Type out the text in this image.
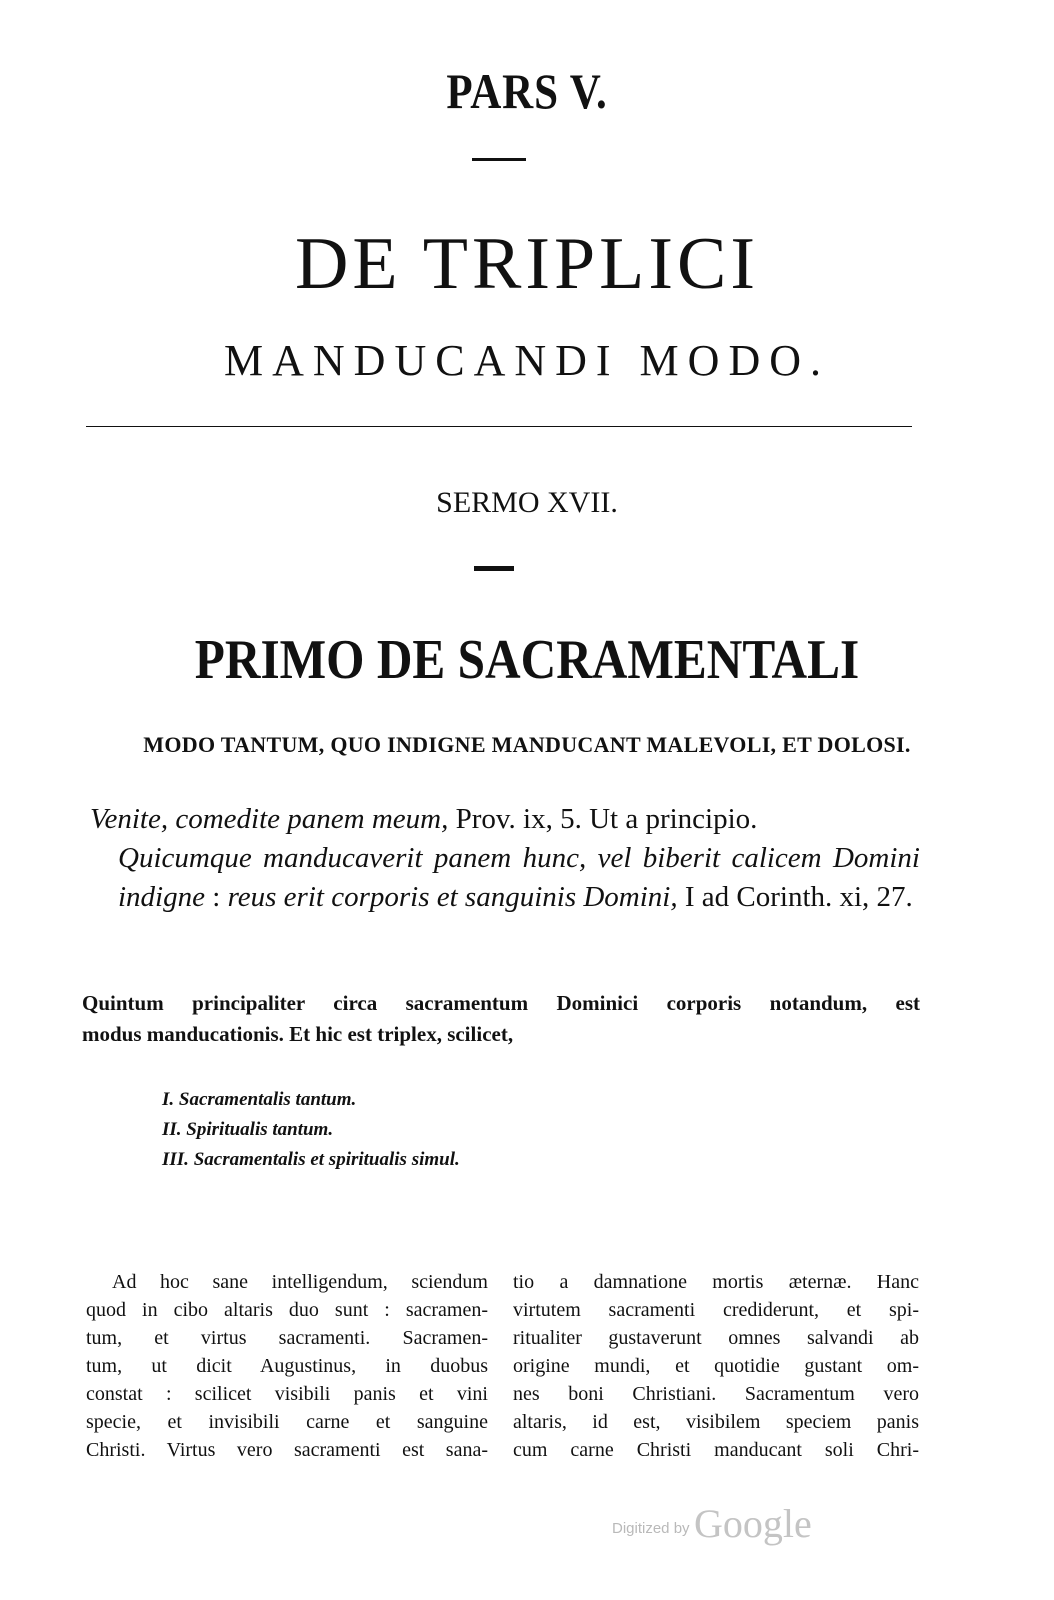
PARS V.
DE TRIPLICI
MANDUCANDI MODO.
SERMO XVII.
PRIMO DE SACRAMENTALI
MODO TANTUM, QUO INDIGNE MANDUCANT MALEVOLI, ET DOLOSI.
Venite, comedite panem meum, Prov. ix, 5. Ut a principio.
Quicumque manducaverit panem hunc, vel biberit calicem Domini indigne : reus erit corporis et sanguinis Domini, I ad Corinth. xi, 27.
Quintum principaliter circa sacramentum Dominici corporis notandum, est
modus manducationis. Et hic est triplex, scilicet,
I. Sacramentalis tantum.
II. Spiritualis tantum.
III. Sacramentalis et spiritualis simul.
Ad hoc sane intelligendum, sciendum
quod in cibo altaris duo sunt : sacramen-
tum, et virtus sacramenti. Sacramen-
tum, ut dicit Augustinus, in duobus
constat : scilicet visibili panis et vini
specie, et invisibili carne et sanguine
Christi. Virtus vero sacramenti est sana-
tio a damnatione mortis æternæ. Hanc
virtutem sacramenti crediderunt, et spi-
ritualiter gustaverunt omnes salvandi ab
origine mundi, et quotidie gustant om-
nes boni Christiani. Sacramentum vero
altaris, id est, visibilem speciem panis
cum carne Christi manducant soli Chri-
Digitized by Google
